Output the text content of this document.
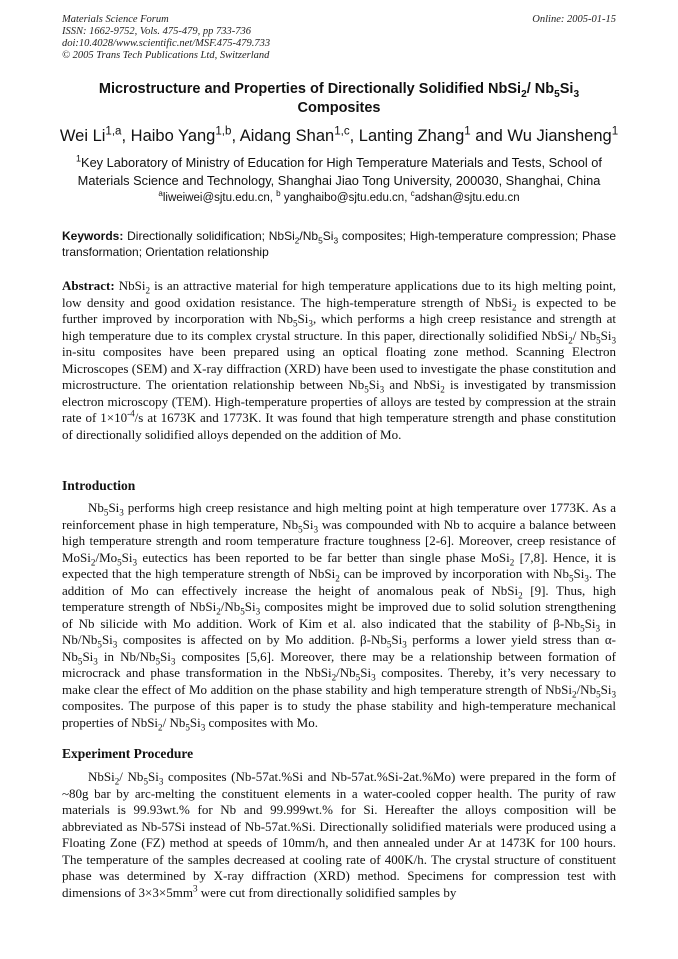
Materials Science Forum
ISSN: 1662-9752, Vols. 475-479, pp 733-736
doi:10.4028/www.scientific.net/MSF.475-479.733
© 2005 Trans Tech Publications Ltd, Switzerland
Online: 2005-01-15
Microstructure and Properties of Directionally Solidified NbSi$_2$/ $Nb_5Si_3$
Composites
Wei Li$^{1,a}$, Haibo Yang$^{1,b}$, Aidang Shan$^{1,c}$, Lanting Zhang$^1$ and Wu Jiansheng$^1$
$^1$Key Laboratory of Ministry of Education for High Temperature Materials and Tests, School of Materials Science and Technology, Shanghai Jiao Tong University, 200030, Shanghai, China
$^a$liweiwei@sjtu.edu.cn, $^b$ yanghaibo@sjtu.edu.cn, $^c$adshan@sjtu.edu.cn
Keywords: Directionally solidification; $NbSi_2/Nb_5Si_3$ composites; High-temperature compression; Phase transformation; Orientation relationship
Abstract: NbSi$_2$ is an attractive material for high temperature applications due to its high melting point, low density and good oxidation resistance. The high-temperature strength of NbSi$_2$ is expected to be further improved by incorporation with $Nb_5Si_3$, which performs a high creep resistance and strength at high temperature due to its complex crystal structure. In this paper, directionally solidified NbSi$_2$/ $Nb_5Si_3$ in-situ composites have been prepared using an optical floating zone method. Scanning Electron Microscopes (SEM) and X-ray diffraction (XRD) have been used to investigate the phase constitution and microstructure. The orientation relationship between $Nb_5Si_3$ and NbSi$_2$ is investigated by transmission electron microscopy (TEM). High-temperature properties of alloys are tested by compression at the strain rate of $1\times 10^{-4}/s$ at 1673K and 1773K. It was found that high temperature strength and phase constitution of directionally solidified alloys depended on the addition of Mo.
Introduction

$Nb_5Si_3$ performs high creep resistance and high melting point at high temperature over 1773K. As a reinforcement phase in high temperature, $Nb_5Si_3$ was compounded with Nb to acquire a balance between high temperature strength and room temperature fracture toughness [2-6]. Moreover, creep resistance of $MoSi_2/Mo_5Si_3$ eutectics has been reported to be far better than single phase MoSi$_2$ [7,8]. Hence, it is expected that the high temperature strength of NbSi$_2$ can be improved by incorporation with $Nb_5Si_3$. The addition of Mo can effectively increase the height of anomalous peak of NbSi$_2$ [9]. Thus, high temperature strength of $NbSi_2/Nb_5Si_3$ composites might be improved due to solid solution strengthening of Nb silicide with Mo addition. Work of Kim et al. also indicated that the stability of $\beta-Nb_5Si_3$ in $Nb/Nb_5Si_3$ composites is affected on by Mo addition. $\beta-Nb_5Si_3$ performs a lower yield stress than $\alpha-Nb_5Si_3$ in $Nb/Nb_5Si_3$ composites [5,6]. Moreover, there may be a relationship between formation of microcrack and phase transformation in the $NbSi_2/Nb_5Si_3$ composites. Thereby, it’s very necessary to make clear the effect of Mo addition on the phase stability and high temperature strength of $NbSi_2/Nb_5Si_3$ composites. The purpose of this paper is to study the phase stability and high-temperature mechanical properties of NbSi$_2$/ $Nb_5Si_3$ composites with Mo.

Experiment Procedure

NbSi$_2$/ $Nb_5Si_3$ composites (Nb-57at.%Si and Nb-57at.%Si-2at.%Mo) were prepared in the form of ~80g bar by arc-melting the constituent elements in a water-cooled copper health. The purity of raw materials is 99.93wt.% for Nb and 99.999wt.% for Si. Hereafter the alloys composition will be abbreviated as Nb-57Si instead of Nb-57at.%Si. Directionally solidified materials were produced using a Floating Zone (FZ) method at speeds of 10mm/h, and then annealed under Ar at 1473K for 100 hours. The temperature of the samples decreased at cooling rate of 400K/h. The crystal structure of constituent phase was determined by X-ray diffraction (XRD) method. Specimens for compression test with dimensions of $3\times 3\times 5mm^3$ were cut from directionally solidified samples by
